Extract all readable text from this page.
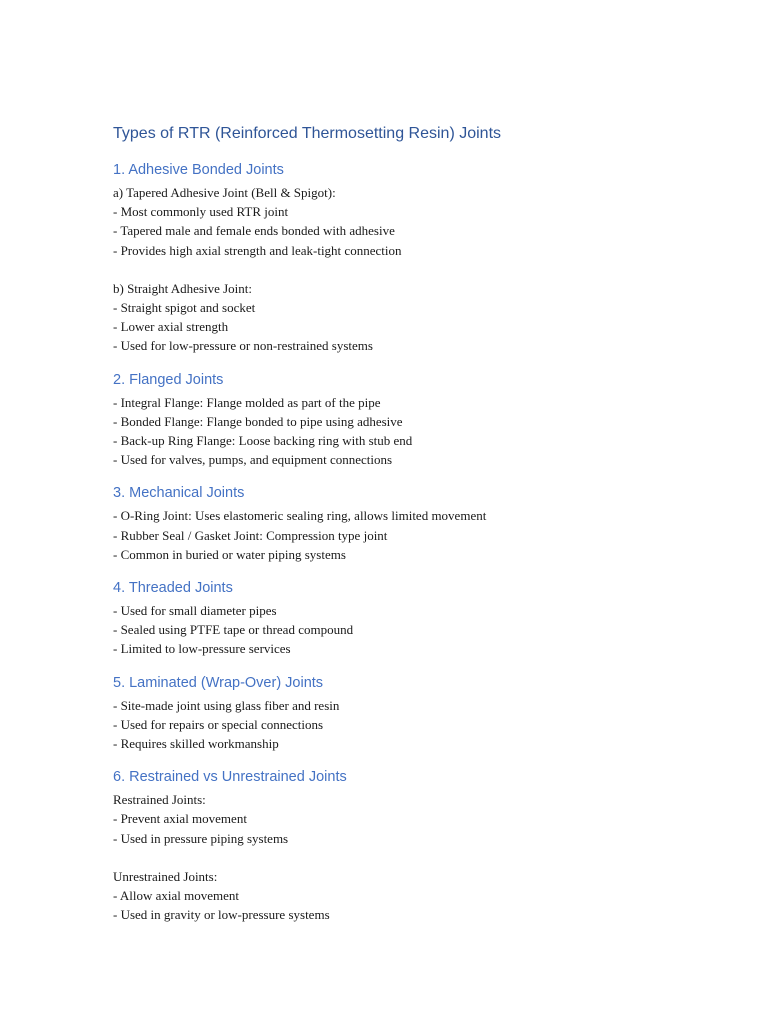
Types of RTR (Reinforced Thermosetting Resin) Joints
1. Adhesive Bonded Joints

a) Tapered Adhesive Joint (Bell & Spigot):

- Most commonly used RTR joint

- Tapered male and female ends bonded with adhesive

- Provides high axial strength and leak-tight connection

b) Straight Adhesive Joint:

- Straight spigot and socket

- Lower axial strength

- Used for low-pressure or non-restrained systems

2. Flanged Joints

- Integral Flange: Flange molded as part of the pipe

- Bonded Flange: Flange bonded to pipe using adhesive

- Back-up Ring Flange: Loose backing ring with stub end

- Used for valves, pumps, and equipment connections

3. Mechanical Joints

- O-Ring Joint: Uses elastomeric sealing ring, allows limited movement

- Rubber Seal / Gasket Joint: Compression type joint

- Common in buried or water piping systems

4. Threaded Joints

- Used for small diameter pipes

- Sealed using PTFE tape or thread compound

- Limited to low-pressure services

5. Laminated (Wrap-Over) Joints

- Site-made joint using glass fiber and resin

- Used for repairs or special connections

- Requires skilled workmanship

6. Restrained vs Unrestrained Joints

Restrained Joints:

- Prevent axial movement

- Used in pressure piping systems

Unrestrained Joints:

- Allow axial movement

- Used in gravity or low-pressure systems
